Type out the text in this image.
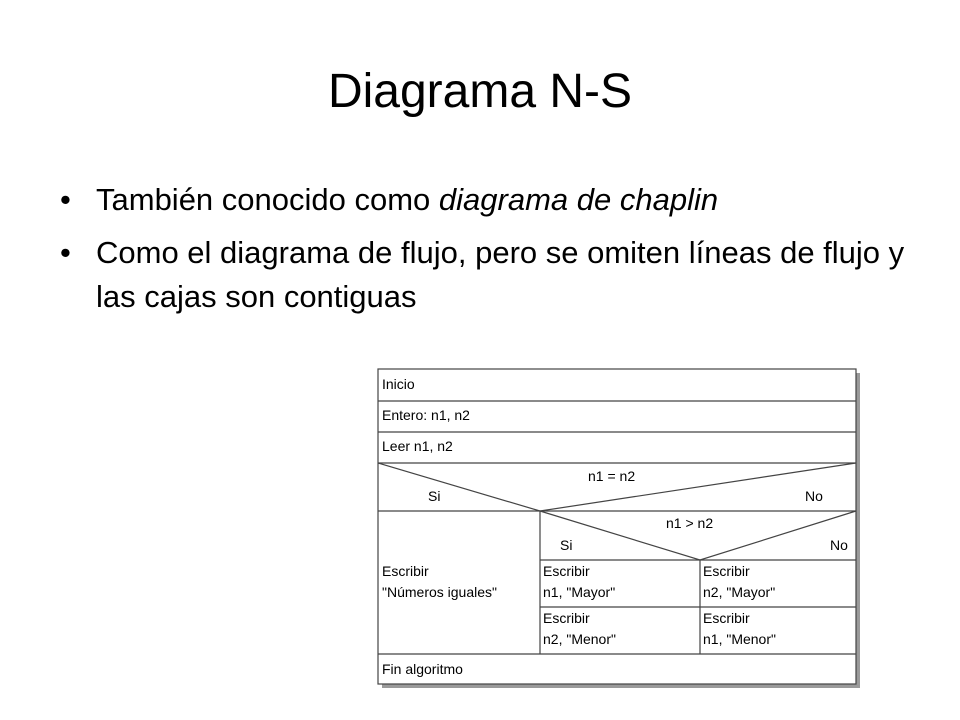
Diagrama N-S
• También conocido como diagrama de chaplin
• Como el diagrama de flujo, pero se omiten líneas de flujo y las cajas son contiguas
Inicio
Entero: n1, n2
Leer n1, n2
n1 = n2
Si	No
Escribir
"Números iguales"
n1 > n2
Si	No
Escribir
n1, "Mayor"
Escribir
n2, "Mayor"
Escribir
n2, "Menor"
Escribir
n1, "Menor"
Fin algoritmo
